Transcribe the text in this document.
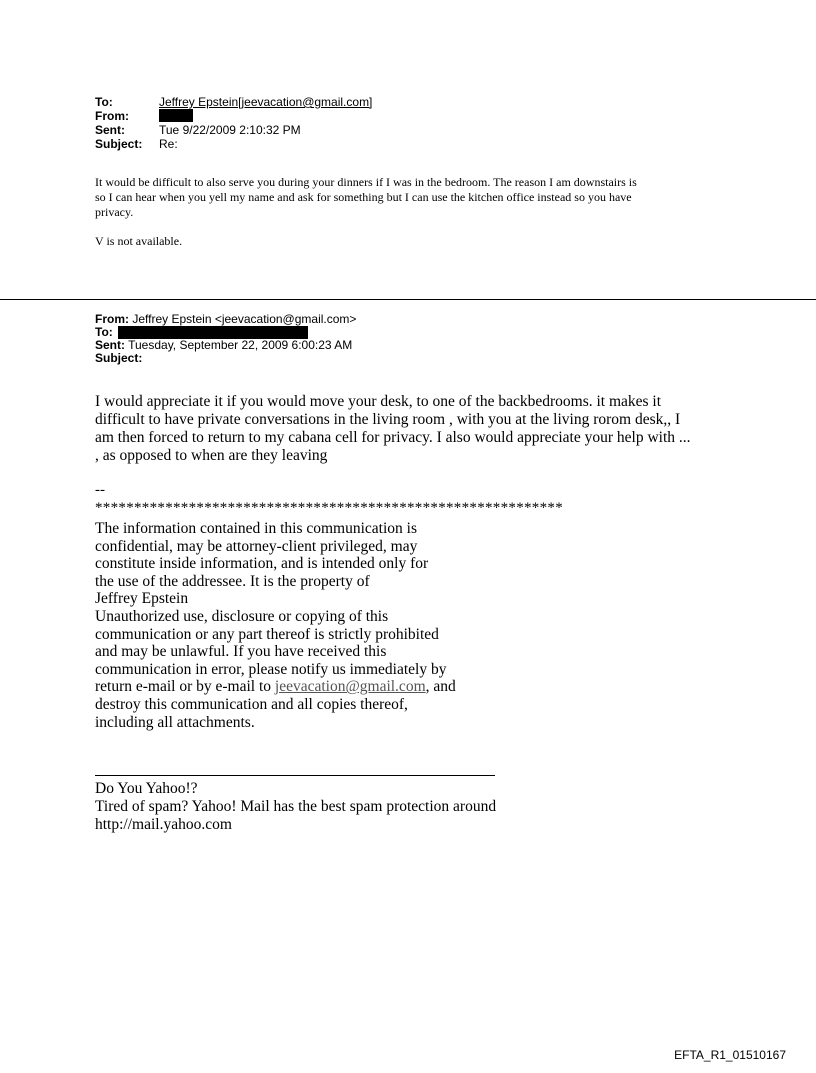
To:	Jeffrey Epstein[jeevacation@gmail.com]
From:
Sent:	Tue 9/22/2009 2:10:32 PM
Subject:	Re:

It would be difficult to also serve you during your dinners if I was in the bedroom. The reason I am downstairs is
so I can hear when you yell my name and ask for something but I can use the kitchen office instead so you have
privacy.

V is not available.

From: Jeffrey Epstein <jeevacation@gmail.com>
To:
Sent: Tuesday, September 22, 2009 6:00:23 AM
Subject:
I would appreciate it if you would move your desk, to one of the backbedrooms. it makes it
difficult to have private conversations in the living room , with you at the living rorom desk,, I
am then forced to return to my cabana cell for privacy. I also would appreciate your help with ...
, as opposed to when are they leaving
--
************************************************************
The information contained in this communication is
confidential, may be attorney-client privileged, may
constitute inside information, and is intended only for
the use of the addressee. It is the property of
Jeffrey Epstein
Unauthorized use, disclosure or copying of this
communication or any part thereof is strictly prohibited
and may be unlawful. If you have received this
communication in error, please notify us immediately by
return e-mail or by e-mail to jeevacation@gmail.com, and
destroy this communication and all copies thereof,
including all attachments.
Do You Yahoo!?
Tired of spam? Yahoo! Mail has the best spam protection around
http://mail.yahoo.com
EFTA_R1_01510167
